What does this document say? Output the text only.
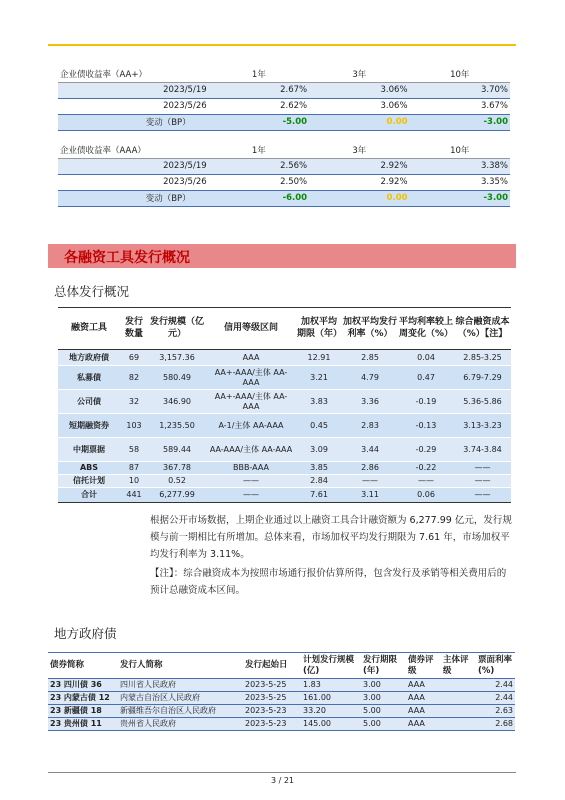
企业债收益率（AA+）	1年	3年	10年
2023/5/19	2.67%	3.06%	3.70%
2023/5/26	2.62%	3.06%	3.67%
变动（BP）	-5.00	0.00	-3.00
企业债收益率（AAA）	1年	3年	10年
2023/5/19	2.56%	2.92%	3.38%
2023/5/26	2.50%	2.92%	3.35%
变动（BP）	-6.00	0.00	-3.00
各融资工具发行概况
总体发行概况
融资工具	发行数量	发行规模（亿元）	信用等级区间	加权平均期限（年）	加权平均发行利率（%）	平均利率较上周变化（%）	综合融资成本（%）【注】
地方政府债	69	3,157.36	AAA	12.91	2.85	0.04	2.85-3.25
私募债	82	580.49	AA+-AAA/主体 AA-AAA	3.21	4.79	0.47	6.79-7.29
公司债	32	346.90	AA+-AAA/主体 AA-AAA	3.83	3.36	-0.19	5.36-5.86
短期融资券	103	1,235.50	A-1/主体 AA-AAA	0.45	2.83	-0.13	3.13-3.23
中期票据	58	589.44	AA-AAA/主体 AA-AAA	3.09	3.44	-0.29	3.74-3.84
ABS	87	367.78	BBB-AAA	3.85	2.86	-0.22	——
信托计划	10	0.52	——	2.84	——	——	——
合计	441	6,277.99	——	7.61	3.11	0.06	——
根据公开市场数据，上期企业通过以上融资工具合计融资额为 6,277.99 亿元，发行规模与前一期相比有所增加。总体来看，市场加权平均发行期限为 7.61 年，市场加权平均发行利率为 3.11%。
【注】：综合融资成本为按照市场通行报价估算所得，包含发行及承销等相关费用后的预计总融资成本区间。
地方政府债
债券简称	发行人简称	发行起始日	计划发行规模(亿)	发行期限(年)	债券评级	主体评级	票面利率(%)
23 四川债 36	四川省人民政府	2023-5-25	1.83	3.00	AAA		2.44
23 内蒙古债 12	内蒙古自治区人民政府	2023-5-25	161.00	3.00	AAA		2.44
23 新疆债 18	新疆维吾尔自治区人民政府	2023-5-23	33.20	5.00	AAA		2.63
23 贵州债 11	贵州省人民政府	2023-5-23	145.00	5.00	AAA		2.68
3 / 21
